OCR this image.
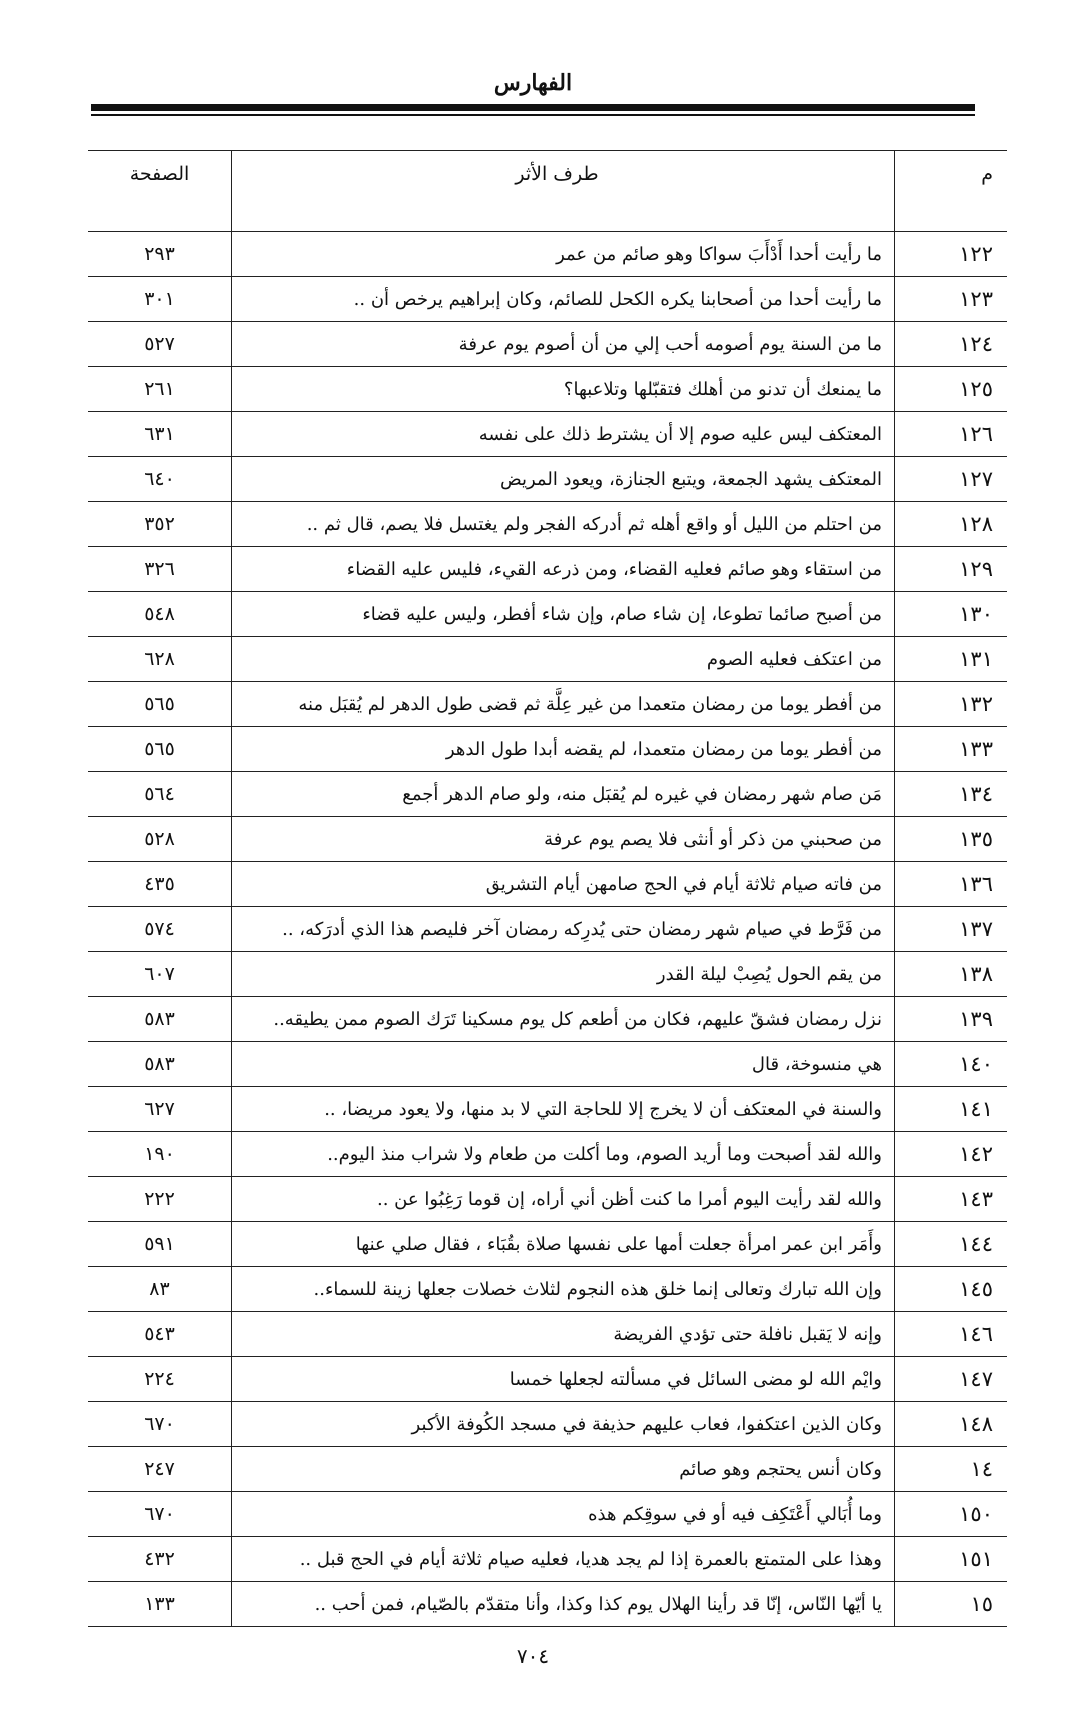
الفهارس
م	طرف الأثر	الصفحة
١٢٢	ما رأيت أحدا أَدْأَبَ سواكا وهو صائم من عمر	٢٩٣
١٢٣	ما رأيت أحدا من أصحابنا يكره الكحل للصائم، وكان إبراهيم يرخص أن ..	٣٠١
١٢٤	ما من السنة يوم أصومه أحب إلي من أن أصوم يوم عرفة	٥٢٧
١٢٥	ما يمنعك أن تدنو من أهلك فتقبّلها وتلاعبها؟	٢٦١
١٢٦	المعتكف ليس عليه صوم إلا أن يشترط ذلك على نفسه	٦٣١
١٢٧	المعتكف يشهد الجمعة، ويتبع الجنازة، ويعود المريض	٦٤٠
١٢٨	من احتلم من الليل أو واقع أهله ثم أدركه الفجر ولم يغتسل فلا يصم، قال ثم ..	٣٥٢
١٢٩	من استقاء وهو صائم فعليه القضاء، ومن ذرعه القيء، فليس عليه القضاء	٣٢٦
١٣٠	من أصبح صائما تطوعا، إن شاء صام، وإن شاء أفطر، وليس عليه قضاء	٥٤٨
١٣١	من اعتكف فعليه الصوم	٦٢٨
١٣٢	من أفطر يوما من رمضان متعمدا من غير عِلَّة ثم قضى طول الدهر لم يُقبَل منه	٥٦٥
١٣٣	من أفطر يوما من رمضان متعمدا، لم يقضه أبدا طول الدهر	٥٦٥
١٣٤	مَن صام شهر رمضان في غيره لم يُقبَل منه، ولو صام الدهر أجمع	٥٦٤
١٣٥	من صحبني من ذكر أو أنثى فلا يصم يوم عرفة	٥٢٨
١٣٦	من فاته صيام ثلاثة أيام في الحج صامهن أيام التشريق	٤٣٥
١٣٧	من فَرَّط في صيام شهر رمضان حتى يُدرِكه رمضان آخر فليصم هذا الذي أدرَكه، ..	٥٧٤
١٣٨	من يقم الحول يُصِبْ ليلة القدر	٦٠٧
١٣٩	نزل رمضان فشقّ عليهم، فكان من أطعم كل يوم مسكينا تَرَك الصوم ممن يطيقه..	٥٨٣
١٤٠	هي منسوخة، قال	٥٨٣
١٤١	والسنة في المعتكف أن لا يخرج إلا للحاجة التي لا بد منها، ولا يعود مريضا، ..	٦٢٧
١٤٢	والله لقد أصبحت وما أريد الصوم، وما أكلت من طعام ولا شراب منذ اليوم..	١٩٠
١٤٣	والله لقد رأيت اليوم أمرا ما كنت أظن أني أراه، إن قوما رَغِبُوا عن ..	٢٢٢
١٤٤	وأَمَر ابن عمر امرأة جعلت أمها على نفسها صلاة بقُبَاء ، فقال صلي عنها	٥٩١
١٤٥	وإن الله تبارك وتعالى إنما خلق هذه النجوم لثلاث خصلات جعلها زينة للسماء..	٨٣
١٤٦	وإنه لا يَقبل نافلة حتى تؤدي الفريضة	٥٤٣
١٤٧	وايْم الله لو مضى السائل في مسألته لجعلها خمسا	٢٢٤
١٤٨	وكان الذين اعتكفوا، فعاب عليهم حذيفة في مسجد الكُوفة الأكبر	٦٧٠
١٤	وكان أنس يحتجم وهو صائم	٢٤٧
١٥٠	وما أُبَالي أَعْتَكِف فيه أو في سوقِكم هذه	٦٧٠
١٥١	وهذا على المتمتع بالعمرة إذا لم يجد هديا، فعليه صيام ثلاثة أيام في الحج قبل ..	٤٣٢
١٥	يا أيّها النّاس، إنّا قد رأينا الهلال يوم كذا وكذا، وأنا متقدّم بالصّيام، فمن أحب ..	١٣٣
٧٠٤
